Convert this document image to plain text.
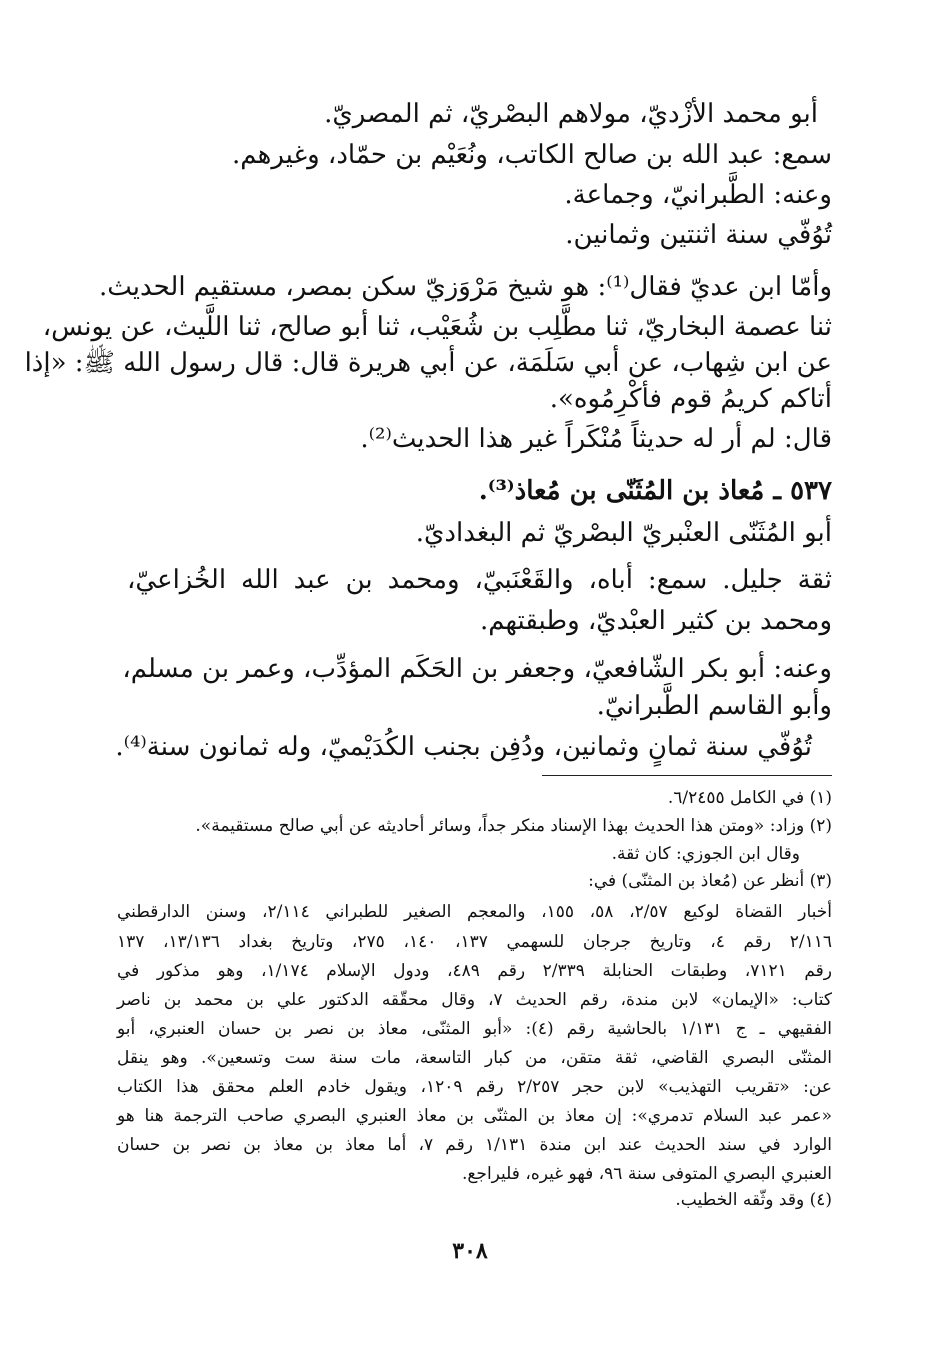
أبو محمد الأزْديّ، مولاهم البصْريّ، ثم المصريّ.

سمع: عبد الله بن صالح الكاتب، ونُعَيْم بن حمّاد، وغيرهم.

وعنه: الطَّبرانيّ، وجماعة.

تُوُفّي سنة اثنتين وثمانين.

وأمّا ابن عديّ فقال⁽¹⁾: هو شيخ مَرْوَزيّ سكن بمصر، مستقيم الحديث.

ثنا عصمة البخاريّ، ثنا مطَّلِب بن شُعَيْب، ثنا أبو صالح، ثنا اللَّيث، عن يونس،

عن ابن شِهاب، عن أبي سَلَمَة، عن أبي هريرة قال: قال رسول الله ﷺ: «إذا

أتاكم كريمُ قوم فأكْرِمُوه».

قال: لم أر له حديثاً مُنْكَراً غير هذا الحديث⁽²⁾.

٥٣٧ ـ مُعاذ بن المُثَنّى بن مُعاذ⁽³⁾.

أبو المُثَنّى العنْبريّ البصْريّ ثم البغداديّ.

ثقة جليل. سمع: أباه، والقَعْنَبيّ، ومحمد بن عبد الله الخُزاعيّ،

ومحمد بن كثير العبْديّ، وطبقتهم.

وعنه: أبو بكر الشّافعيّ، وجعفر بن الحَكَم المؤدِّب، وعمر بن مسلم،

وأبو القاسم الطَّبرانيّ.

تُوُفّي سنة ثمانٍ وثمانين، ودُفِن بجنب الكُدَيْميّ، وله ثمانون سنة⁽⁴⁾.

(١) في الكامل ٦/٢٤٥٥.

(٢) وزاد: «ومتن هذا الحديث بهذا الإسناد منكر جداً، وسائر أحاديثه عن أبي صالح مستقيمة».

وقال ابن الجوزي: كان ثقة.

(٣) أنظر عن (مُعاذ بن المثنّى) في:

أخبار القضاة لوكيع ٢/٥٧، ٥٨، ١٥٥، والمعجم الصغير للطبراني ٢/١١٤، وسنن الدارقطني

٢/١١٦ رقم ٤، وتاريخ جرجان للسهمي ١٣٧، ١٤٠، ٢٧٥، وتاريخ بغداد ١٣/١٣٦، ١٣٧

رقم ٧١٢١، وطبقات الحنابلة ٢/٣٣٩ رقم ٤٨٩، ودول الإسلام ١/١٧٤، وهو مذكور في

كتاب: «الإيمان» لابن مندة، رقم الحديث ٧، وقال محقّقه الدكتور علي بن محمد بن ناصر

الفقيهي ـ ج ١/١٣١ بالحاشية رقم (٤): «أبو المثنّى، معاذ بن نصر بن حسان العنبري، أبو

المثنّى البصري القاضي، ثقة متقن، من كبار التاسعة، مات سنة ست وتسعين». وهو ينقل

عن: «تقريب التهذيب» لابن حجر ٢/٢٥٧ رقم ١٢٠٩، ويقول خادم العلم محقق هذا الكتاب

«عمر عبد السلام تدمري»: إن معاذ بن المثنّى بن معاذ العنبري البصري صاحب الترجمة هنا هو

الوارد في سند الحديث عند ابن مندة ١/١٣١ رقم ٧، أما معاذ بن معاذ بن نصر بن حسان

العنبري البصري المتوفى سنة ٩٦، فهو غيره، فليراجع.

(٤) وقد وثّقه الخطيب.

٣٠٨
